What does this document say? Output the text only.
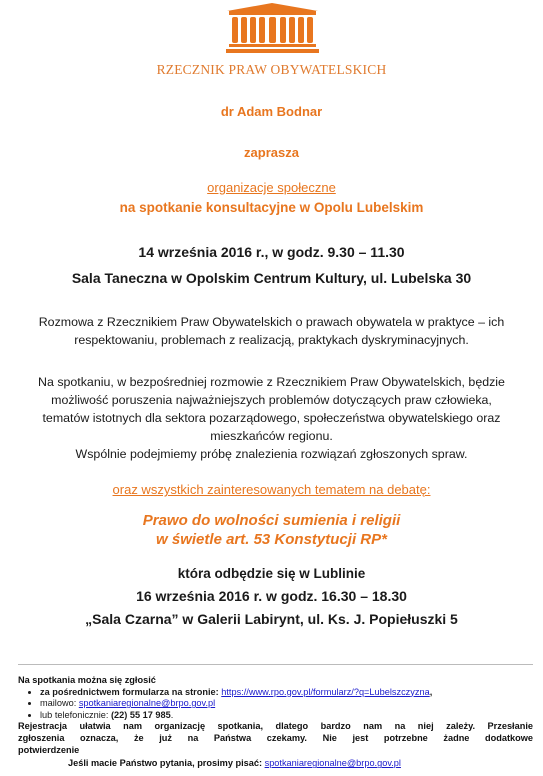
RZECZNIK PRAW OBYWATELSKICH
dr Adam Bodnar
zaprasza
organizacje społeczne
na spotkanie konsultacyjne w Opolu Lubelskim
14 września 2016 r., w godz. 9.30 – 11.30
Sala Taneczna w Opolskim Centrum Kultury, ul. Lubelska 30
Rozmowa z Rzecznikiem Praw Obywatelskich o prawach obywatela w praktyce – ich
respektowaniu, problemach z realizacją, praktykach dyskryminacyjnych.
Na spotkaniu, w bezpośredniej rozmowie z Rzecznikiem Praw Obywatelskich, będzie
możliwość poruszenia najważniejszych problemów dotyczących praw człowieka,
tematów istotnych dla sektora pozarządowego, społeczeństwa obywatelskiego oraz
mieszkańców regionu.
Wspólnie podejmiemy próbę znalezienia rozwiązań zgłoszonych spraw.
oraz wszystkich zainteresowanych tematem na debatę:
Prawo do wolności sumienia i religii
w świetle art. 53 Konstytucji RP*
która odbędzie się w Lublinie
16 września 2016 r. w godz. 16.30 – 18.30
„Sala Czarna” w Galerii Labirynt, ul. Ks. J. Popiełuszki 5
Na spotkania można się zgłosić
• za pośrednictwem formularza na stronie: https://www.rpo.gov.pl/formularz/?q=Lubelszczyzna,
• mailowo: spotkaniaregionalne@brpo.gov.pl
• lub telefonicznie: (22) 55 17 985.
Rejestracja ułatwia nam organizację spotkania, dlatego bardzo nam na niej zależy. Przesłanie
zgłoszenia oznacza, że już na Państwa czekamy. Nie jest potrzebne żadne dodatkowe
potwierdzenie
Jeśli macie Państwo pytania, prosimy pisać: spotkaniaregionalne@brpo.gov.pl
